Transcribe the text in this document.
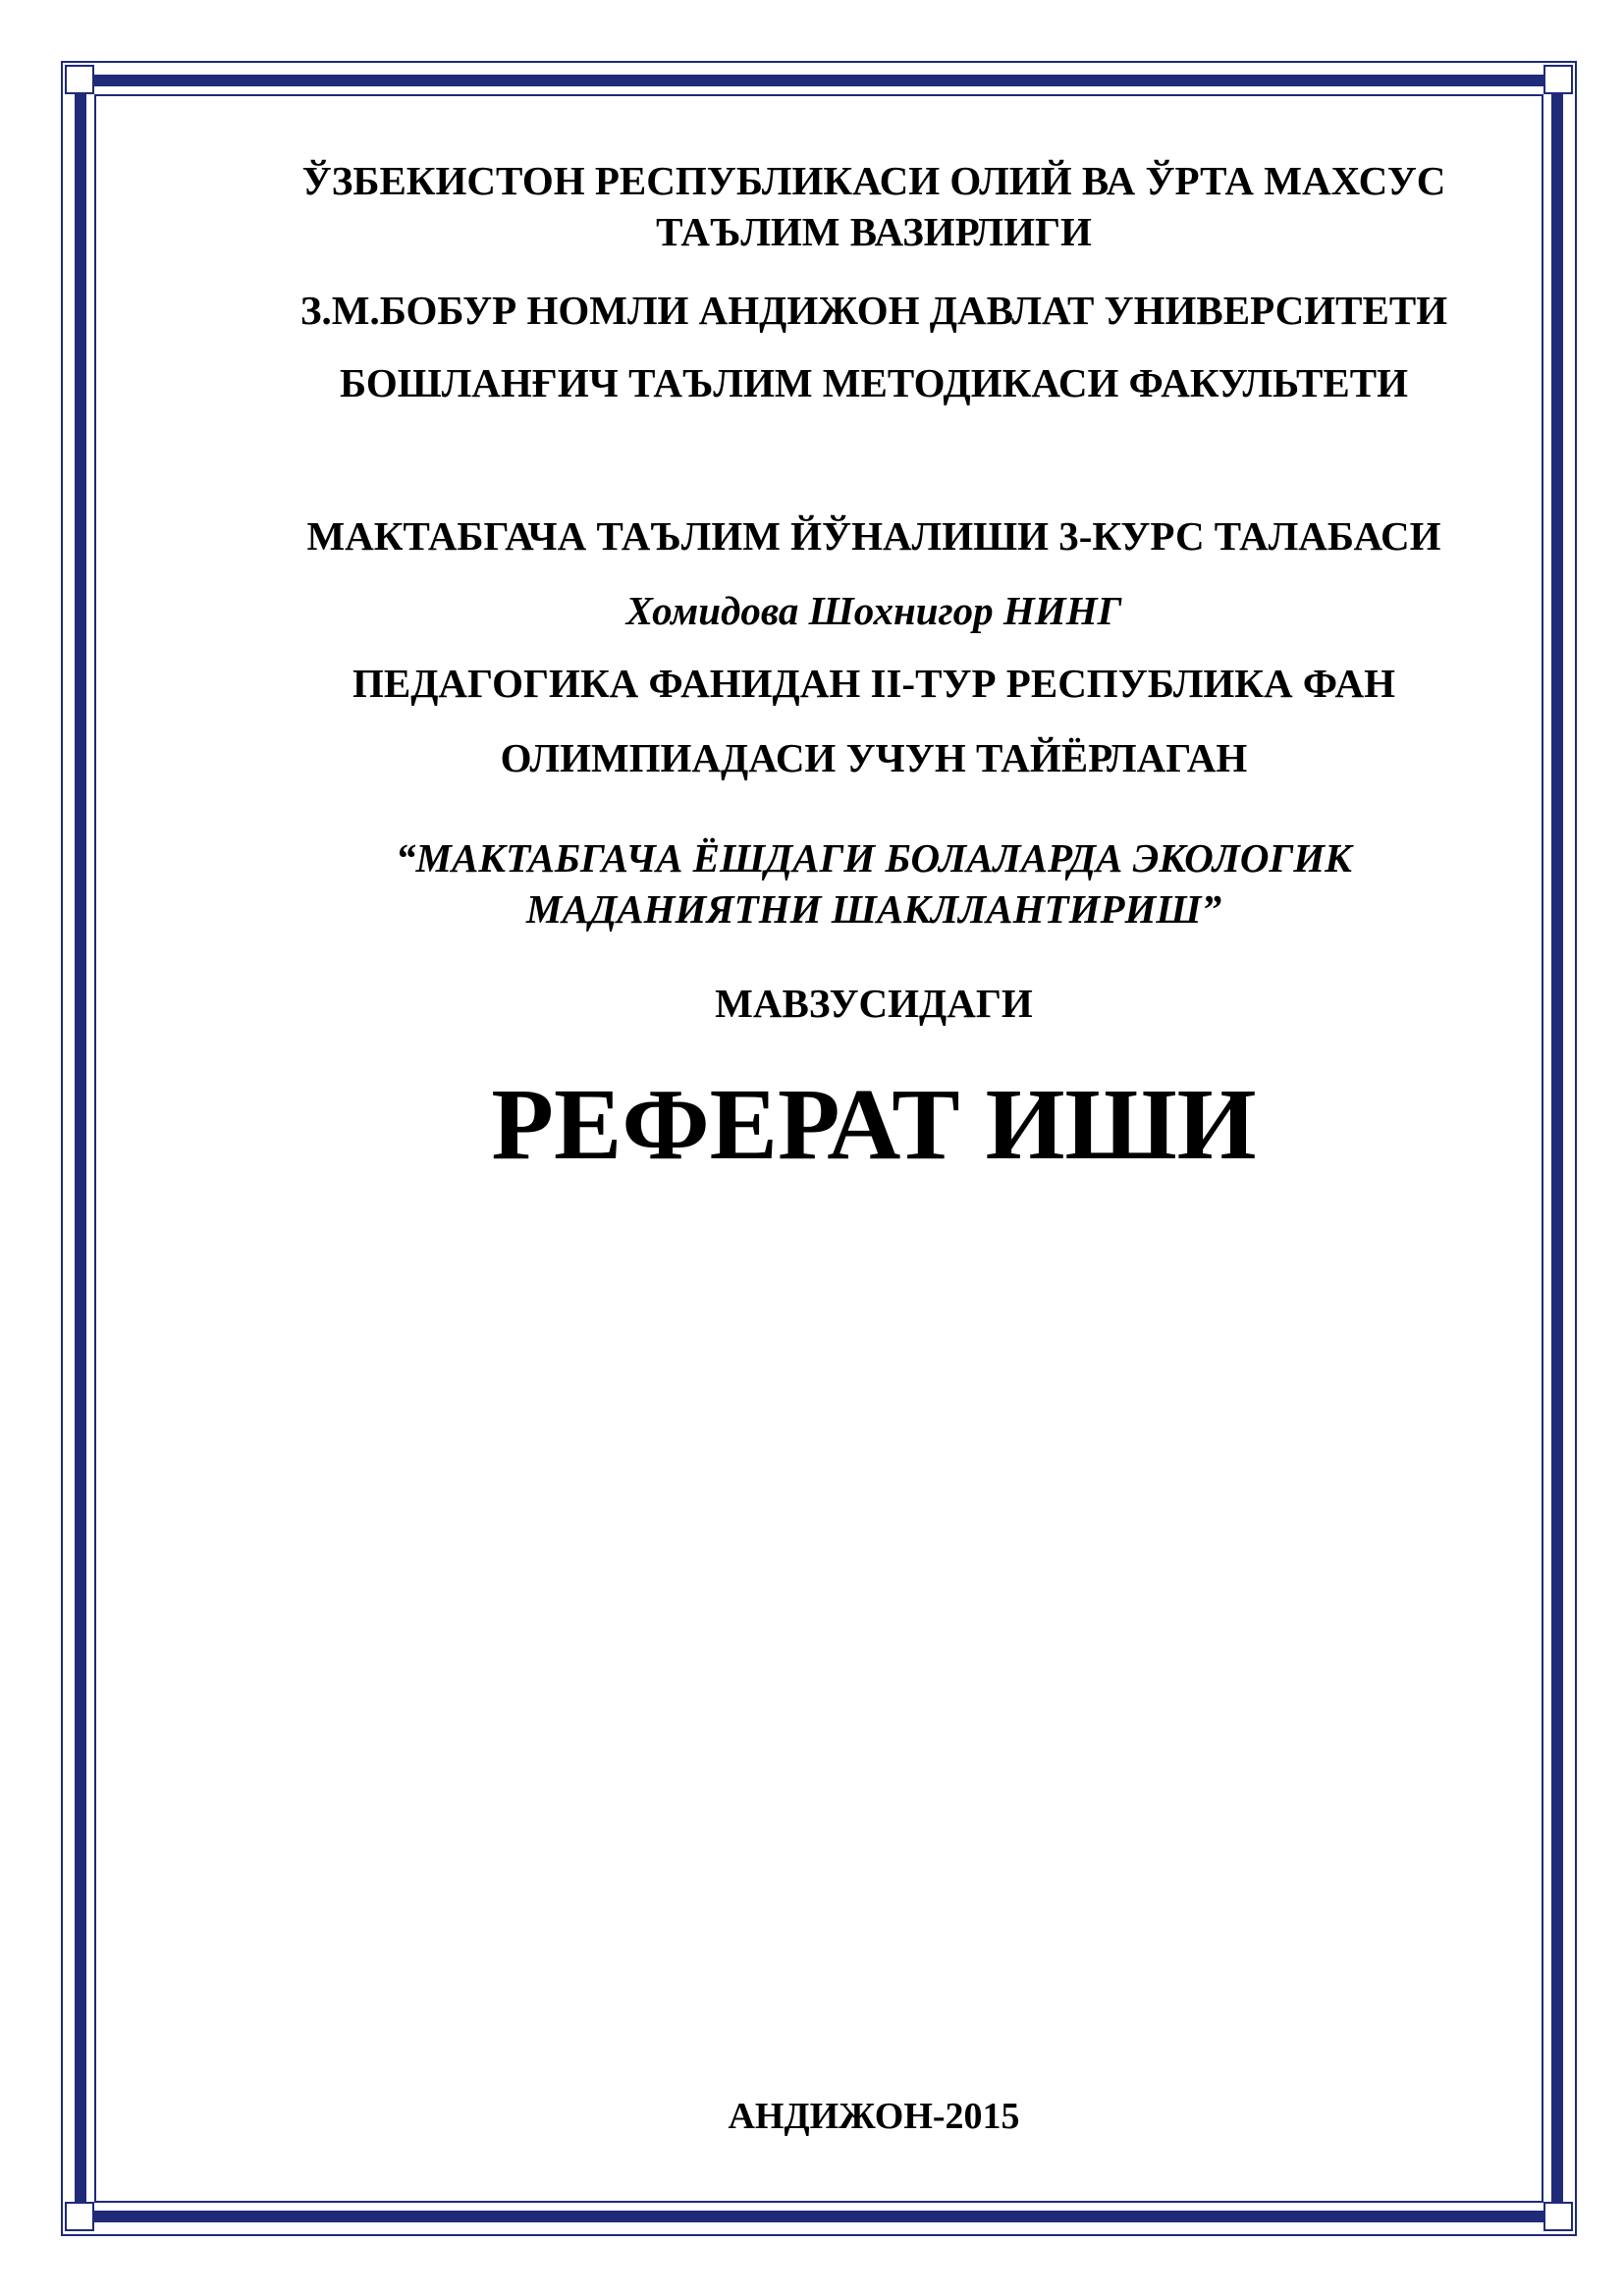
ЎЗБЕКИСТОН РЕСПУБЛИКАСИ ОЛИЙ ВА ЎРТА МАХСУС
ТАЪЛИМ ВАЗИРЛИГИ
З.М.БОБУР НОМЛИ АНДИЖОН ДАВЛАТ УНИВЕРСИТЕТИ
БОШЛАНҒИЧ ТАЪЛИМ МЕТОДИКАСИ ФАКУЛЬТЕТИ
МАКТАБГАЧА ТАЪЛИМ ЙЎНАЛИШИ 3-КУРС ТАЛАБАСИ
Хомидова Шохнигор НИНГ
ПЕДАГОГИКА ФАНИДАН II-ТУР РЕСПУБЛИКА ФАН
ОЛИМПИАДАСИ УЧУН ТАЙЁРЛАГАН
“МАКТАБГАЧА ЁШДАГИ БОЛАЛАРДА ЭКОЛОГИК
МАДАНИЯТНИ ШАКЛЛАНТИРИШ”
МАВЗУСИДАГИ
РЕФЕРАТ ИШИ
АНДИЖОН-2015
